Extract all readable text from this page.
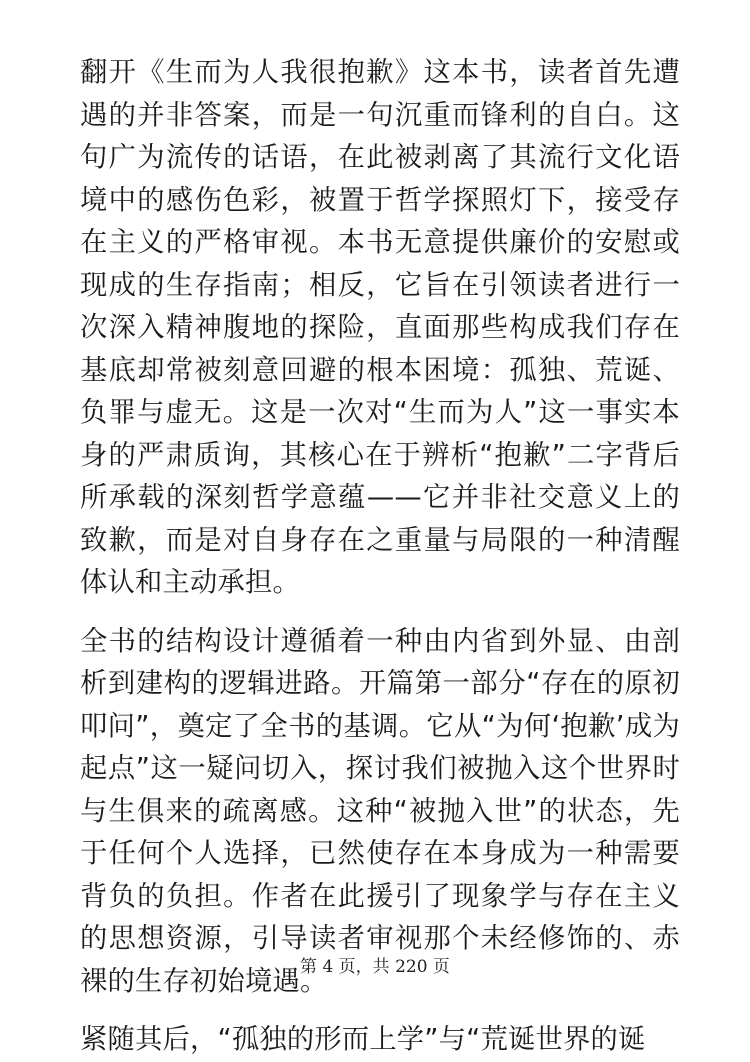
翻开《生而为人我很抱歉》这本书，读者首先遭遇的并非答案，而是一句沉重而锋利的自白。这句广为流传的话语，在此被剥离了其流行文化语境中的感伤色彩，被置于哲学探照灯下，接受存在主义的严格审视。本书无意提供廉价的安慰或现成的生存指南；相反，它旨在引领读者进行一次深入精神腹地的探险，直面那些构成我们存在基底却常被刻意回避的根本困境：孤独、荒诞、负罪与虚无。这是一次对“生而为人”这一事实本身的严肃质询，其核心在于辨析“抱歉”二字背后所承载的深刻哲学意蕴——它并非社交意义上的致歉，而是对自身存在之重量与局限的一种清醒体认和主动承担。

全书的结构设计遵循着一种由内省到外显、由剖析到建构的逻辑进路。开篇第一部分“存在的原初叩问”，奠定了全书的基调。它从“为何‘抱歉’成为起点”这一疑问切入，探讨我们被抛入这个世界时与生俱来的疏离感。这种“被抛入世”的状态，先于任何个人选择，已然使存在本身成为一种需要背负的负担。作者在此援引了现象学与存在主义的思想资源，引导读者审视那个未经修饰的、赤裸的生存初始境遇。

紧随其后，“孤独的形而上学”与“荒诞世界的诞

第 4 页，共 220 页
